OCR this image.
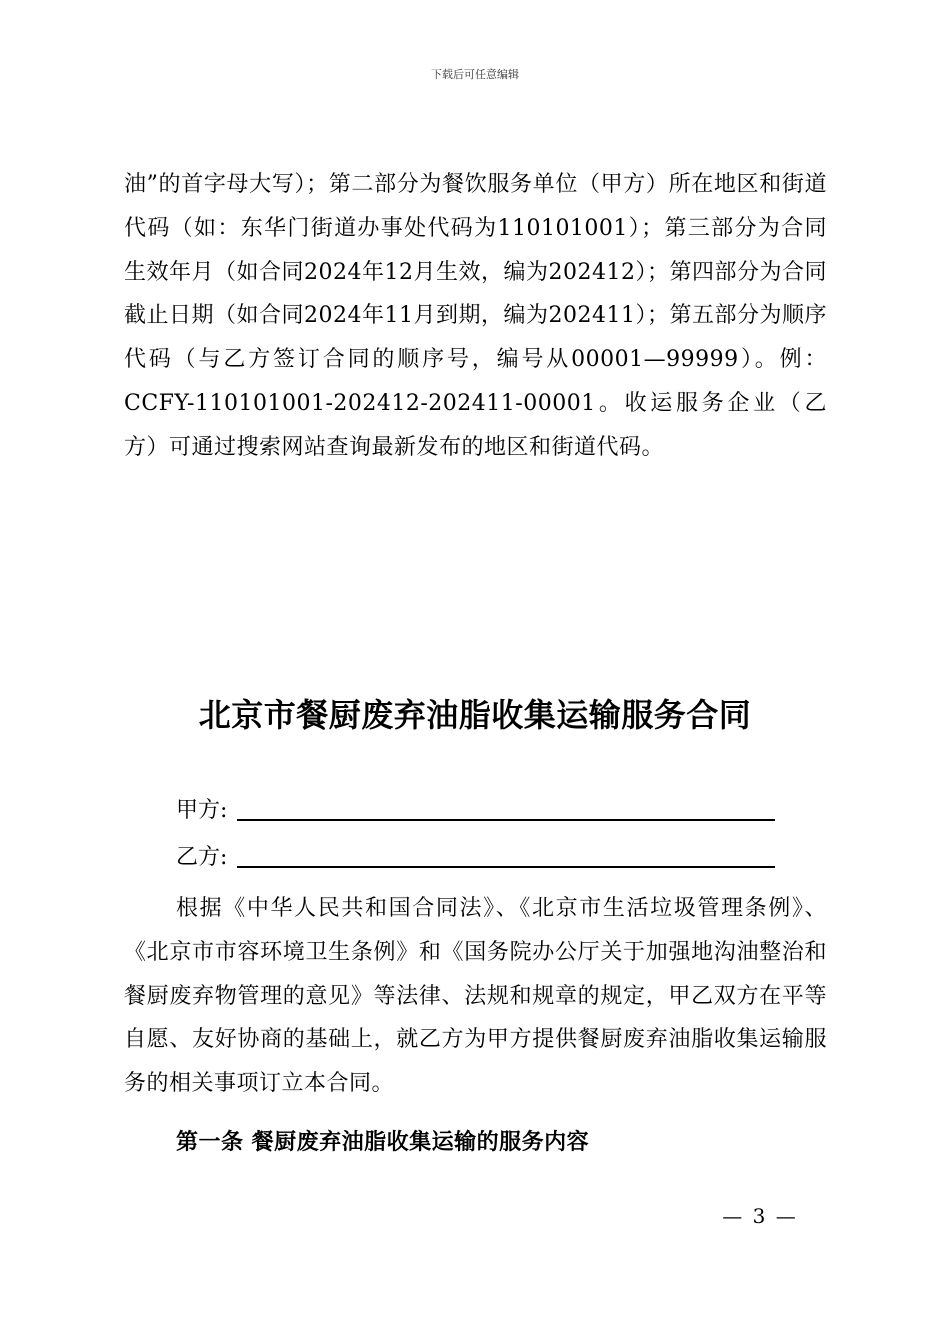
下载后可任意编辑

油”的首字母大写）；第二部分为餐饮服务单位（甲方）所在地区和街道代码（如：东华门街道办事处代码为110101001）；第三部分为合同生效年月（如合同2024年12月生效，编为202412）；第四部分为合同截止日期（如合同2024年11月到期，编为202411）；第五部分为顺序代码（与乙方签订合同的顺序号，编号从00001—99999）。例：CCFY-110101001-202412-202411-00001。收运服务企业（乙方）可通过搜索网站查询最新发布的地区和街道代码。

北京市餐厨废弃油脂收集运输服务合同
甲方:
乙方:

根据《中华人民共和国合同法》、《北京市生活垃圾管理条例》、《北京市市容环境卫生条例》和《国务院办公厅关于加强地沟油整治和餐厨废弃物管理的意见》等法律、法规和规章的规定，甲乙双方在平等自愿、友好协商的基础上，就乙方为甲方提供餐厨废弃油脂收集运输服务的相关事项订立本合同。

第一条 餐厨废弃油脂收集运输的服务内容
— 3 —
